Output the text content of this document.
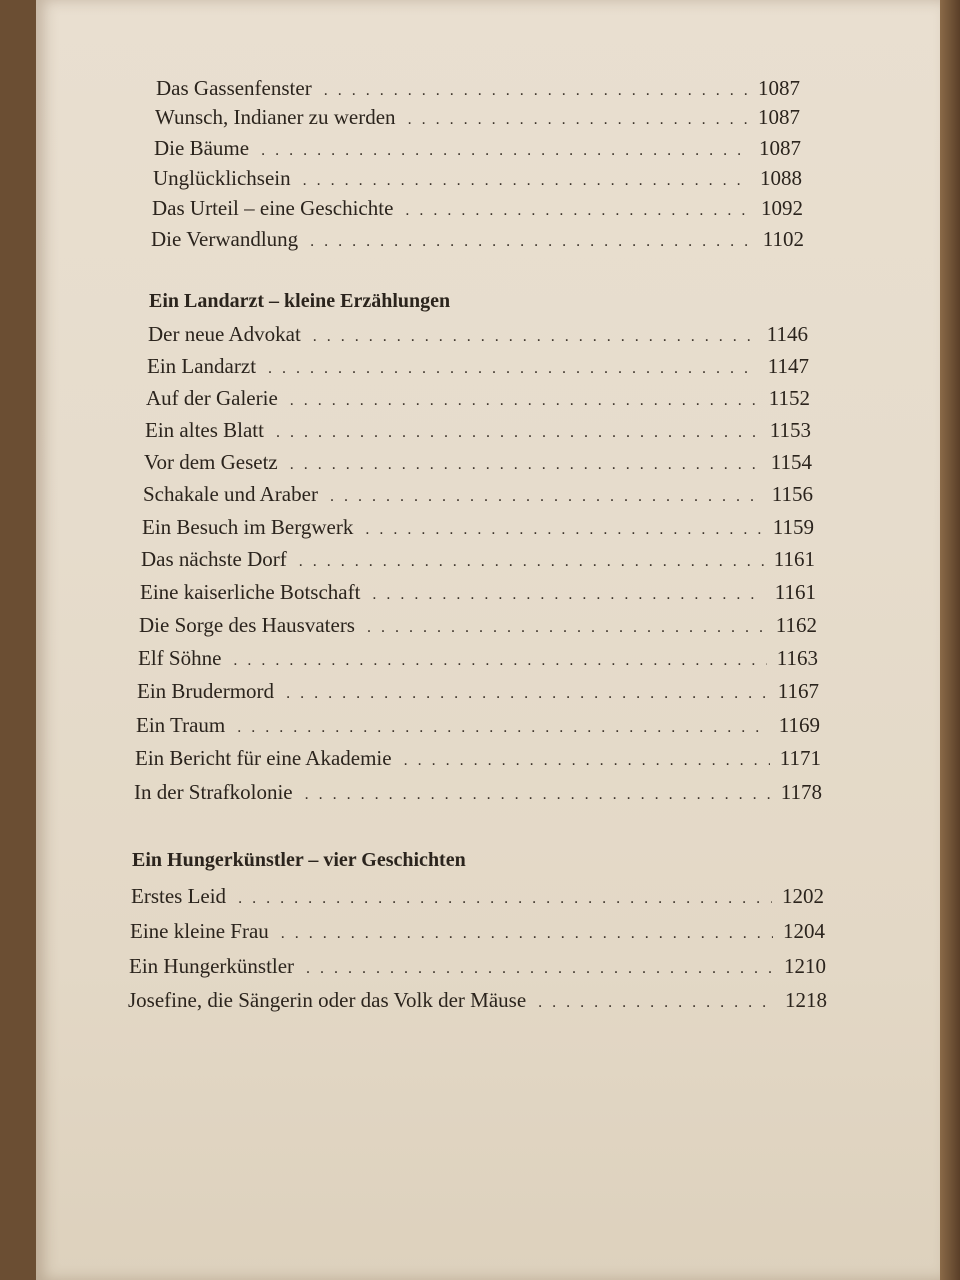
Das Gassenfenster . . .	1087
Wunsch, Indianer zu werden . . .	1087
Die Bäume . . .	1087
Unglücklichsein . . .	1088
Das Urteil – eine Geschichte . . .	1092
Die Verwandlung . . .	1102
Ein Landarzt – kleine Erzählungen
Der neue Advokat . . .	1146
Ein Landarzt . . .	1147
Auf der Galerie . . .	1152
Ein altes Blatt . . .	1153
Vor dem Gesetz . . .	1154
Schakale und Araber . . .	1156
Ein Besuch im Bergwerk . . .	1159
Das nächste Dorf . . .	1161
Eine kaiserliche Botschaft . . .	1161
Die Sorge des Hausvaters . . .	1162
Elf Söhne . . .	1163
Ein Brudermord . . .	1167
Ein Traum . . .	1169
Ein Bericht für eine Akademie . . .	1171
In der Strafkolonie . . .	1178
Ein Hungerkünstler – vier Geschichten
Erstes Leid . . .	1202
Eine kleine Frau . . .	1204
Ein Hungerkünstler . . .	1210
Josefine, die Sängerin oder das Volk der Mäuse . . .	1218
